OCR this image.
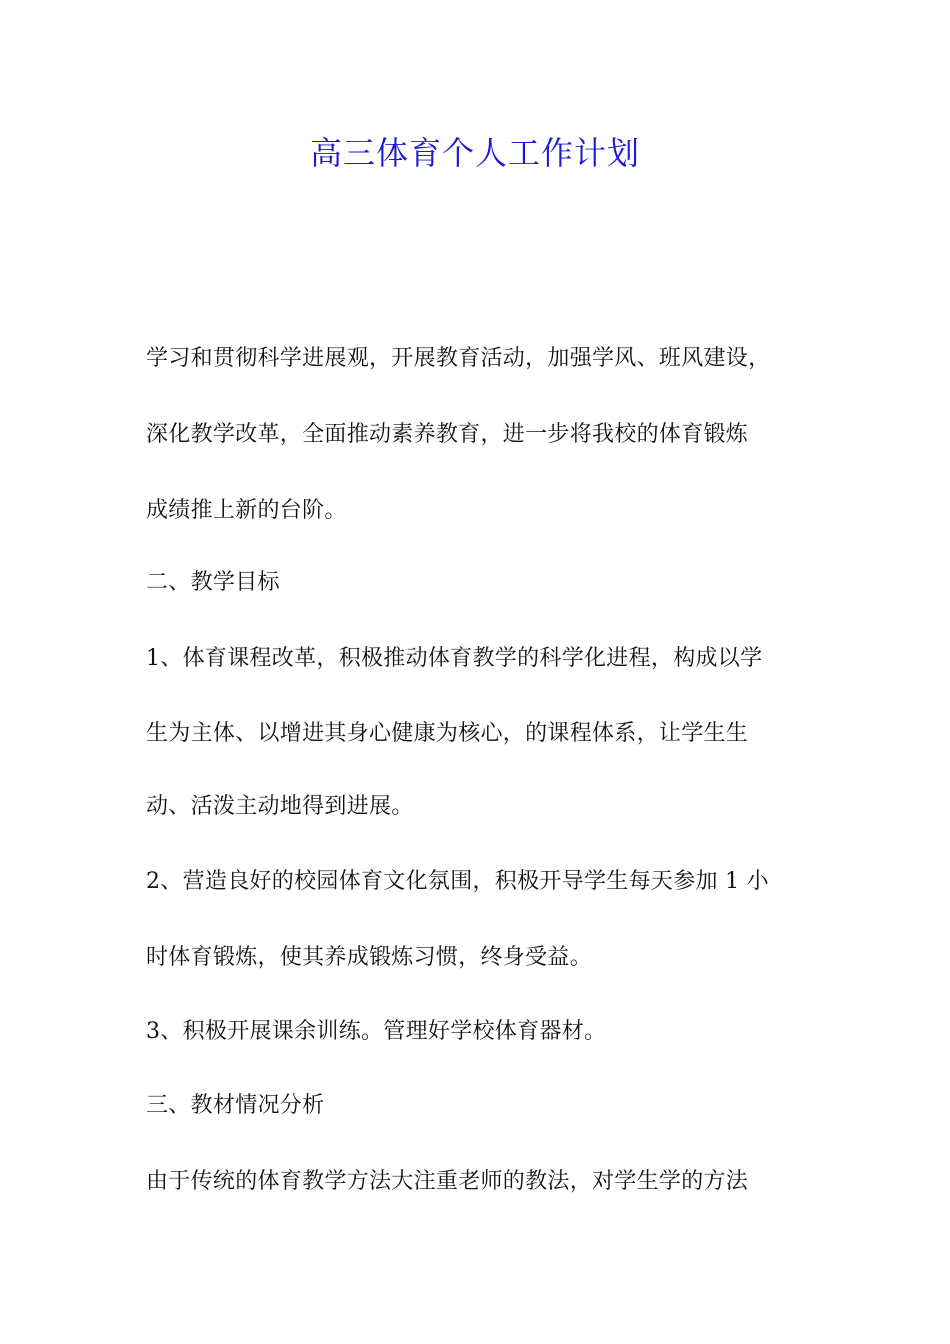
高三体育个人工作计划

学习和贯彻科学进展观，开展教育活动，加强学风、班风建设，

深化教学改革，全面推动素养教育，进一步将我校的体育锻炼

成绩推上新的台阶。

二、教学目标

1、体育课程改革，积极推动体育教学的科学化进程，构成以学

生为主体、以增进其身心健康为核心，的课程体系，让学生生

动、活泼主动地得到进展。

2、营造良好的校园体育文化氛围，积极开导学生每天参加 1 小

时体育锻炼，使其养成锻炼习惯，终身受益。

3、积极开展课余训练。管理好学校体育器材。

三、教材情况分析

由于传统的体育教学方法大注重老师的教法，对学生学的方法
